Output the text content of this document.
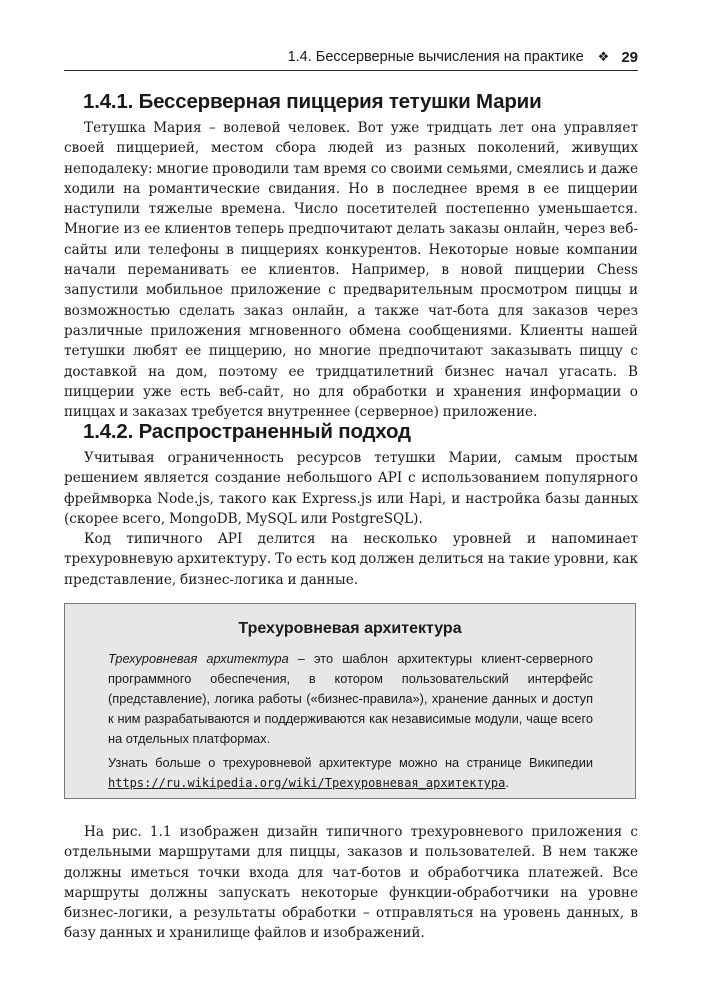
1.4. Бессерверные вычисления на практике ❖ 29
1.4.1. Бессерверная пиццерия тетушки Марии

Тетушка Мария – волевой человек. Вот уже тридцать лет она управляет своей пиццерией, местом сбора людей из разных поколений, живущих неподалеку: многие проводили там время со своими семьями, смеялись и даже ходили на романтические свидания. Но в последнее время в ее пиццерии наступили тяжелые времена. Число посетителей постепенно уменьшается. Многие из ее клиентов теперь предпочитают делать заказы онлайн, через веб-сайты или телефоны в пиццериях конкурентов. Некоторые новые компании начали переманивать ее клиентов. Например, в новой пиццерии Chess запустили мобильное приложение с предварительным просмотром пиццы и возможностью сделать заказ онлайн, а также чат-бота для заказов через различные приложения мгновенного обмена сообщениями. Клиенты нашей тетушки любят ее пиццерию, но многие предпочитают заказывать пиццу с доставкой на дом, поэтому ее тридцатилетний бизнес начал угасать. В пиццерии уже есть веб-сайт, но для обработки и хранения информации о пиццах и заказах требуется внутреннее (серверное) приложение.

1.4.2. Распространенный подход

Учитывая ограниченность ресурсов тетушки Марии, самым простым решением является создание небольшого API с использованием популярного фреймворка Node.js, такого как Express.js или Hapi, и настройка базы данных (скорее всего, MongoDB, MySQL или PostgreSQL).

Код типичного API делится на несколько уровней и напоминает трехуровневую архитектуру. То есть код должен делиться на такие уровни, как представление, бизнес-логика и данные.

Трехуровневая архитектура

Трехуровневая архитектура – это шаблон архитектуры клиент-серверного программного обеспечения, в котором пользовательский интерфейс (представление), логика работы («бизнес-правила»), хранение данных и доступ к ним разрабатываются и поддерживаются как независимые модули, чаще всего на отдельных платформах.

Узнать больше о трехуровневой архитектуре можно на странице Википедии https://ru.wikipedia.org/wiki/Трехуровневая_архитектура.

На рис. 1.1 изображен дизайн типичного трехуровневого приложения с отдельными маршрутами для пиццы, заказов и пользователей. В нем также должны иметься точки входа для чат-ботов и обработчика платежей. Все маршруты должны запускать некоторые функции-обработчики на уровне бизнес-логики, а результаты обработки – отправляться на уровень данных, в базу данных и хранилище файлов и изображений.
